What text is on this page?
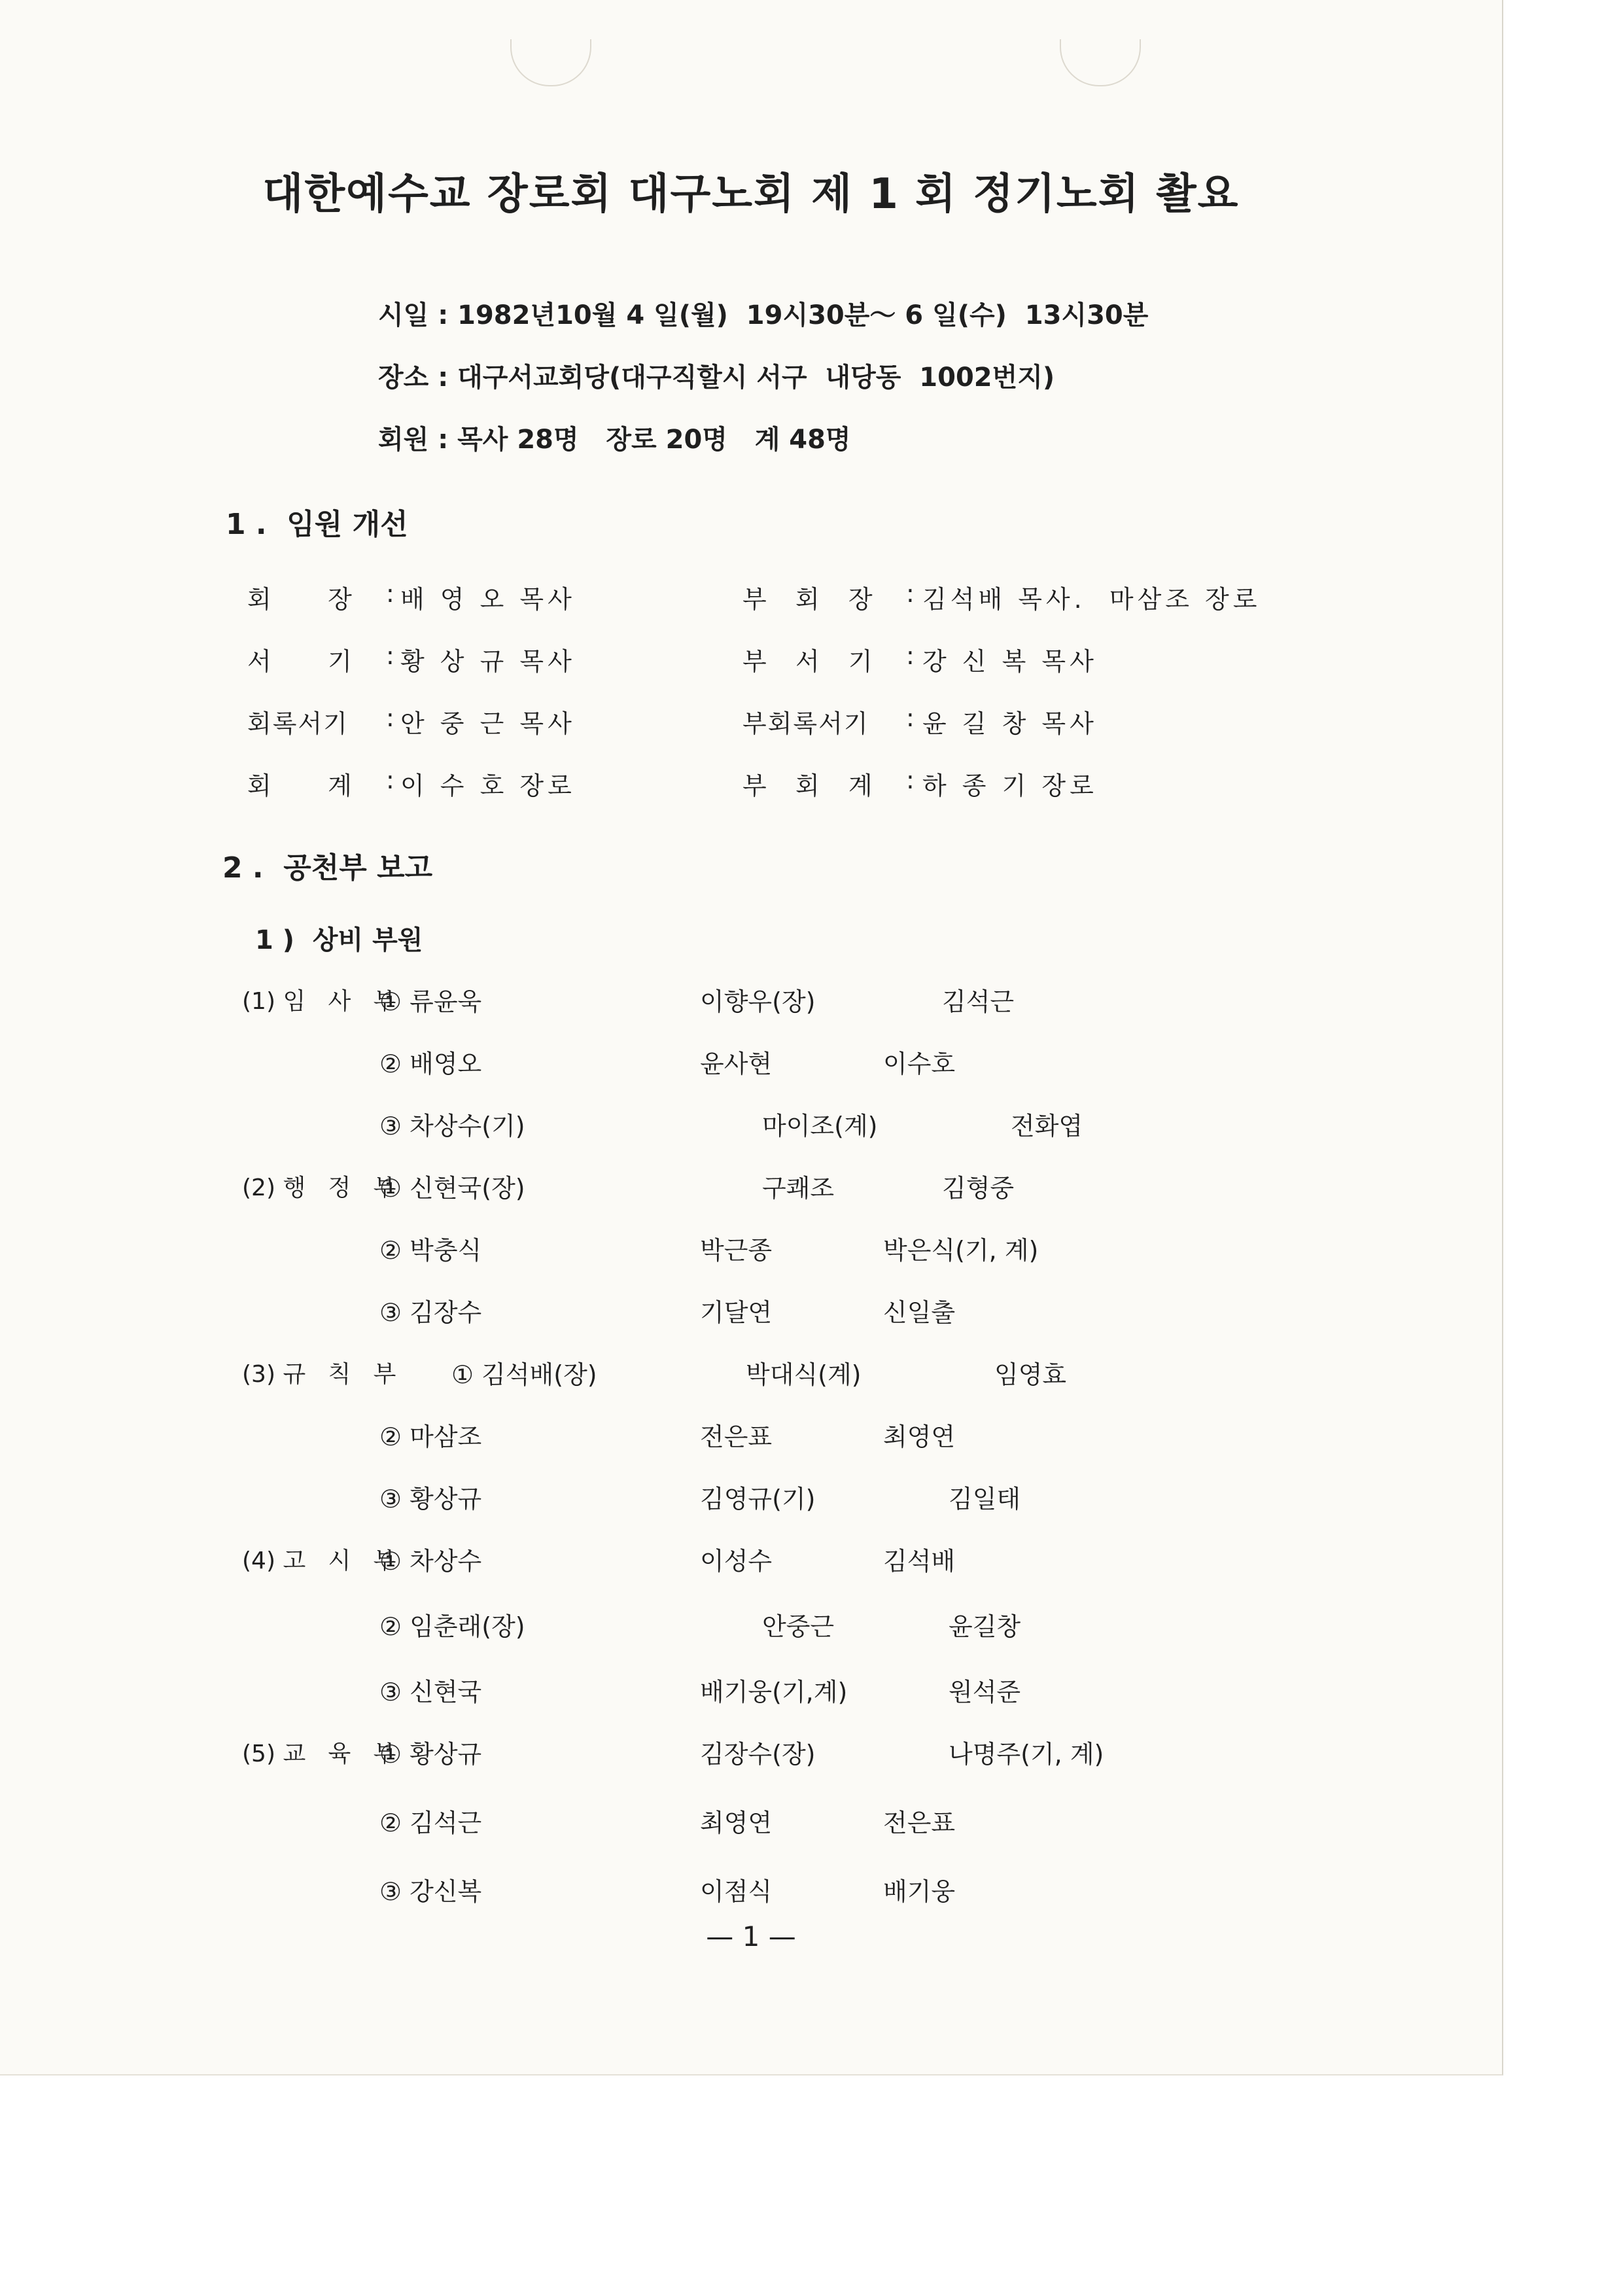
대한예수교 장로회 대구노회 제 1 회 정기노회 촬요
시일 : 1982년10월 4 일(월)  19시30분～ 6 일(수)  13시30분
장소 : 대구서교회당(대구직할시 서구  내당동  1002번지)
회원 : 목사 28명   장로 20명   계 48명
1 .  임원 개선
회      장	: 배 영 오 목사	부   회   장	: 김석배 목사.  마삼조 장로
서      기	: 황 상 규 목사	부   서   기	: 강 신 복 목사
회록서기	: 안 중 근 목사	부회록서기	: 윤 길 창 목사
회      계	: 이 수 호 장로	부   회   계	: 하 종 기 장로
2 .  공천부 보고
1 )  상비 부원
(1) 임   사   부
① 류윤욱	이향우(장)	김석근
② 배영오	윤사현	이수호
③ 차상수(기)	마이조(계)	전화엽
(2) 행   정   부
① 신현국(장)	구쾌조	김형중
② 박충식	박근종	박은식(기, 계)
③ 김장수	기달연	신일출
(3) 규   칙   부 ① 김석배(장)	박대식(계)	임영효
② 마삼조	전은표	최영연
③ 황상규	김영규(기)	김일태
(4) 고   시   부
① 차상수	이성수	김석배
② 임춘래(장)	안중근	윤길창
③ 신현국	배기웅(기,계)	원석준
(5) 교   육   부
① 황상규	김장수(장)	나명주(기, 계)
② 김석근	최영연	전은표
③ 강신복	이점식	배기웅
— 1 —
